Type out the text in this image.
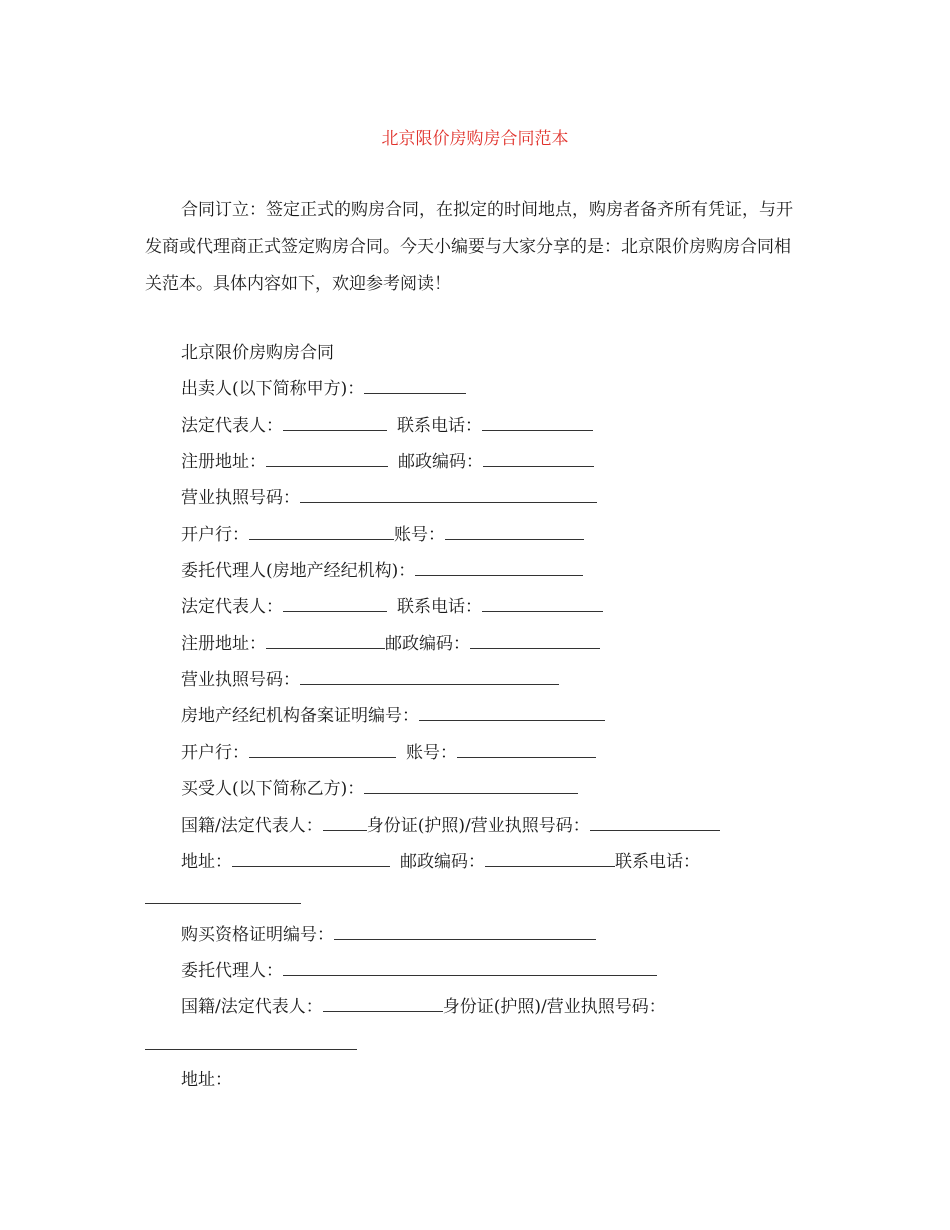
北京限价房购房合同范本
合同订立：签定正式的购房合同，在拟定的时间地点，购房者备齐所有凭证，与开发商或代理商正式签定购房合同。今天小编要与大家分享的是：北京限价房购房合同相关范本。具体内容如下，欢迎参考阅读！
北京限价房购房合同
出卖人(以下简称甲方)：
法定代表人：	联系电话：
注册地址：	邮政编码：
营业执照号码：
开户行：	账号：
委托代理人(房地产经纪机构)：
法定代表人：	联系电话：
注册地址：	邮政编码：
营业执照号码：
房地产经纪机构备案证明编号：
开户行：	账号：
买受人(以下简称乙方)：
国籍/法定代表人：	身份证(护照)/营业执照号码：
地址：	邮政编码：	联系电话：
购买资格证明编号：
委托代理人：
国籍/法定代表人：	身份证(护照)/营业执照号码：
地址：
